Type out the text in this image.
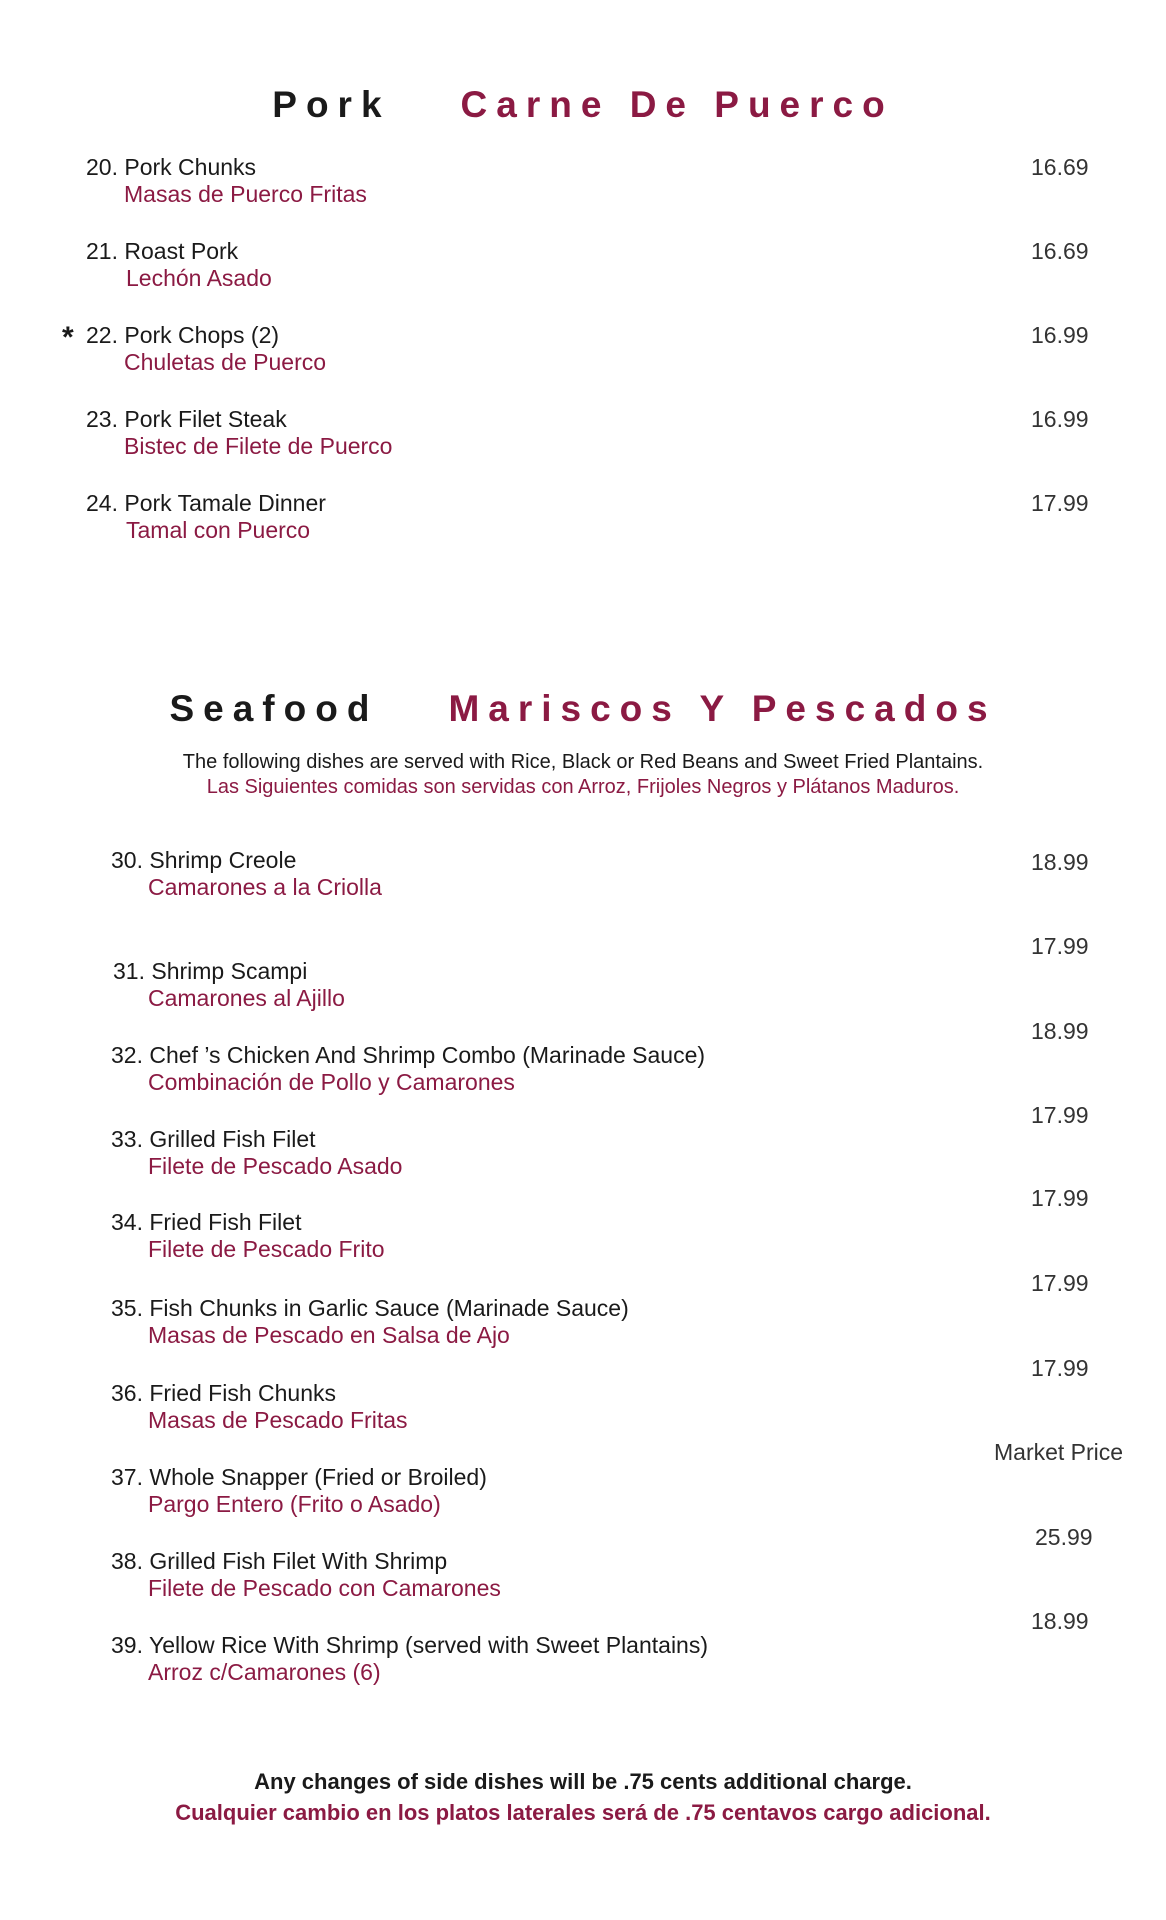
Pork Carne De Puerco
20. Pork Chunks
Masas de Puerco Fritas
16.69
21. Roast Pork
Lechón Asado
16.69
* 22. Pork Chops (2)
Chuletas de Puerco
16.99
23. Pork Filet Steak
Bistec de Filete de Puerco
16.99
24. Pork Tamale Dinner
Tamal con Puerco
17.99
Seafood Mariscos Y Pescados
The following dishes are served with Rice, Black or Red Beans and Sweet Fried Plantains.
Las Siguientes comidas son servidas con Arroz, Frijoles Negros y Plátanos Maduros.
30. Shrimp Creole
Camarones a la Criolla
18.99
17.99
31. Shrimp Scampi
Camarones al Ajillo
18.99
32. Chef ’s Chicken And Shrimp Combo (Marinade Sauce)
Combinación de Pollo y Camarones
17.99
33. Grilled Fish Filet
Filete de Pescado Asado
17.99
34. Fried Fish Filet
Filete de Pescado Frito
17.99
35. Fish Chunks in Garlic Sauce (Marinade Sauce)
Masas de Pescado en Salsa de Ajo
17.99
36. Fried Fish Chunks
Masas de Pescado Fritas
Market Price
37. Whole Snapper (Fried or Broiled)
Pargo Entero (Frito o Asado)
25.99
38. Grilled Fish Filet With Shrimp
Filete de Pescado con Camarones
18.99
39. Yellow Rice With Shrimp (served with Sweet Plantains)
Arroz c/Camarones (6)
Any changes of side dishes will be .75 cents additional charge.
Cualquier cambio en los platos laterales será de .75 centavos cargo adicional.
